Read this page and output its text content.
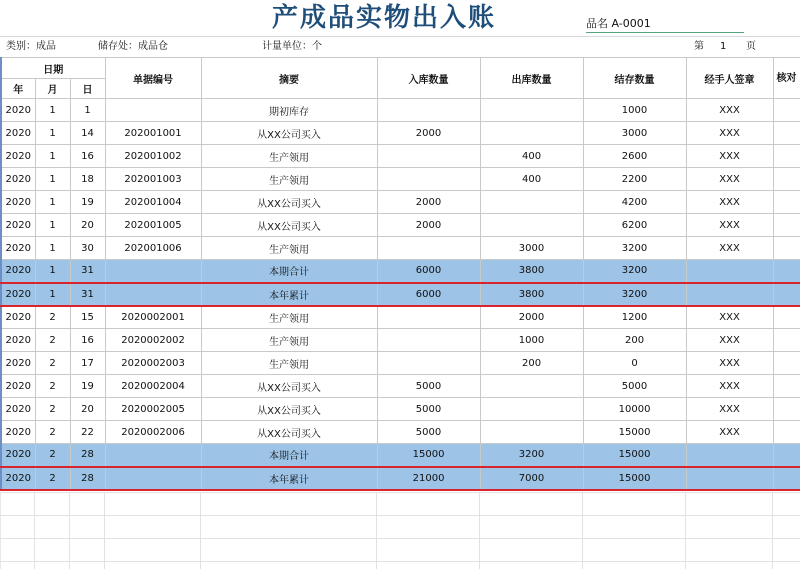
产成品实物出入账	品名 A-0001
类别：成品	储存处：成品仓	计量单位：个	第 1 页
日期			单据编号	摘要	入库数量	出库数量	结存数量	经手人签章	核对
年	月	日							
2020	1	1		期初库存			1000	XXX	
2020	1	14	202001001	从XX公司买入	2000		3000	XXX	
2020	1	16	202001002	生产领用		400	2600	XXX	
2020	1	18	202001003	生产领用		400	2200	XXX	
2020	1	19	202001004	从XX公司买入	2000		4200	XXX	
2020	1	20	202001005	从XX公司买入	2000		6200	XXX	
2020	1	30	202001006	生产领用		3000	3200	XXX	
2020	1	31		本期合计	6000	3800	3200		
2020	1	31		本年累计	6000	3800	3200		
2020	2	15	2020002001	生产领用		2000	1200	XXX	
2020	2	16	2020002002	生产领用		1000	200	XXX	
2020	2	17	2020002003	生产领用		200	0	XXX	
2020	2	19	2020002004	从XX公司买入	5000		5000	XXX	
2020	2	20	2020002005	从XX公司买入	5000		10000	XXX	
2020	2	22	2020002006	从XX公司买入	5000		15000	XXX	
2020	2	28		本期合计	15000	3200	15000		
2020	2	28		本年累计	21000	7000	15000		
